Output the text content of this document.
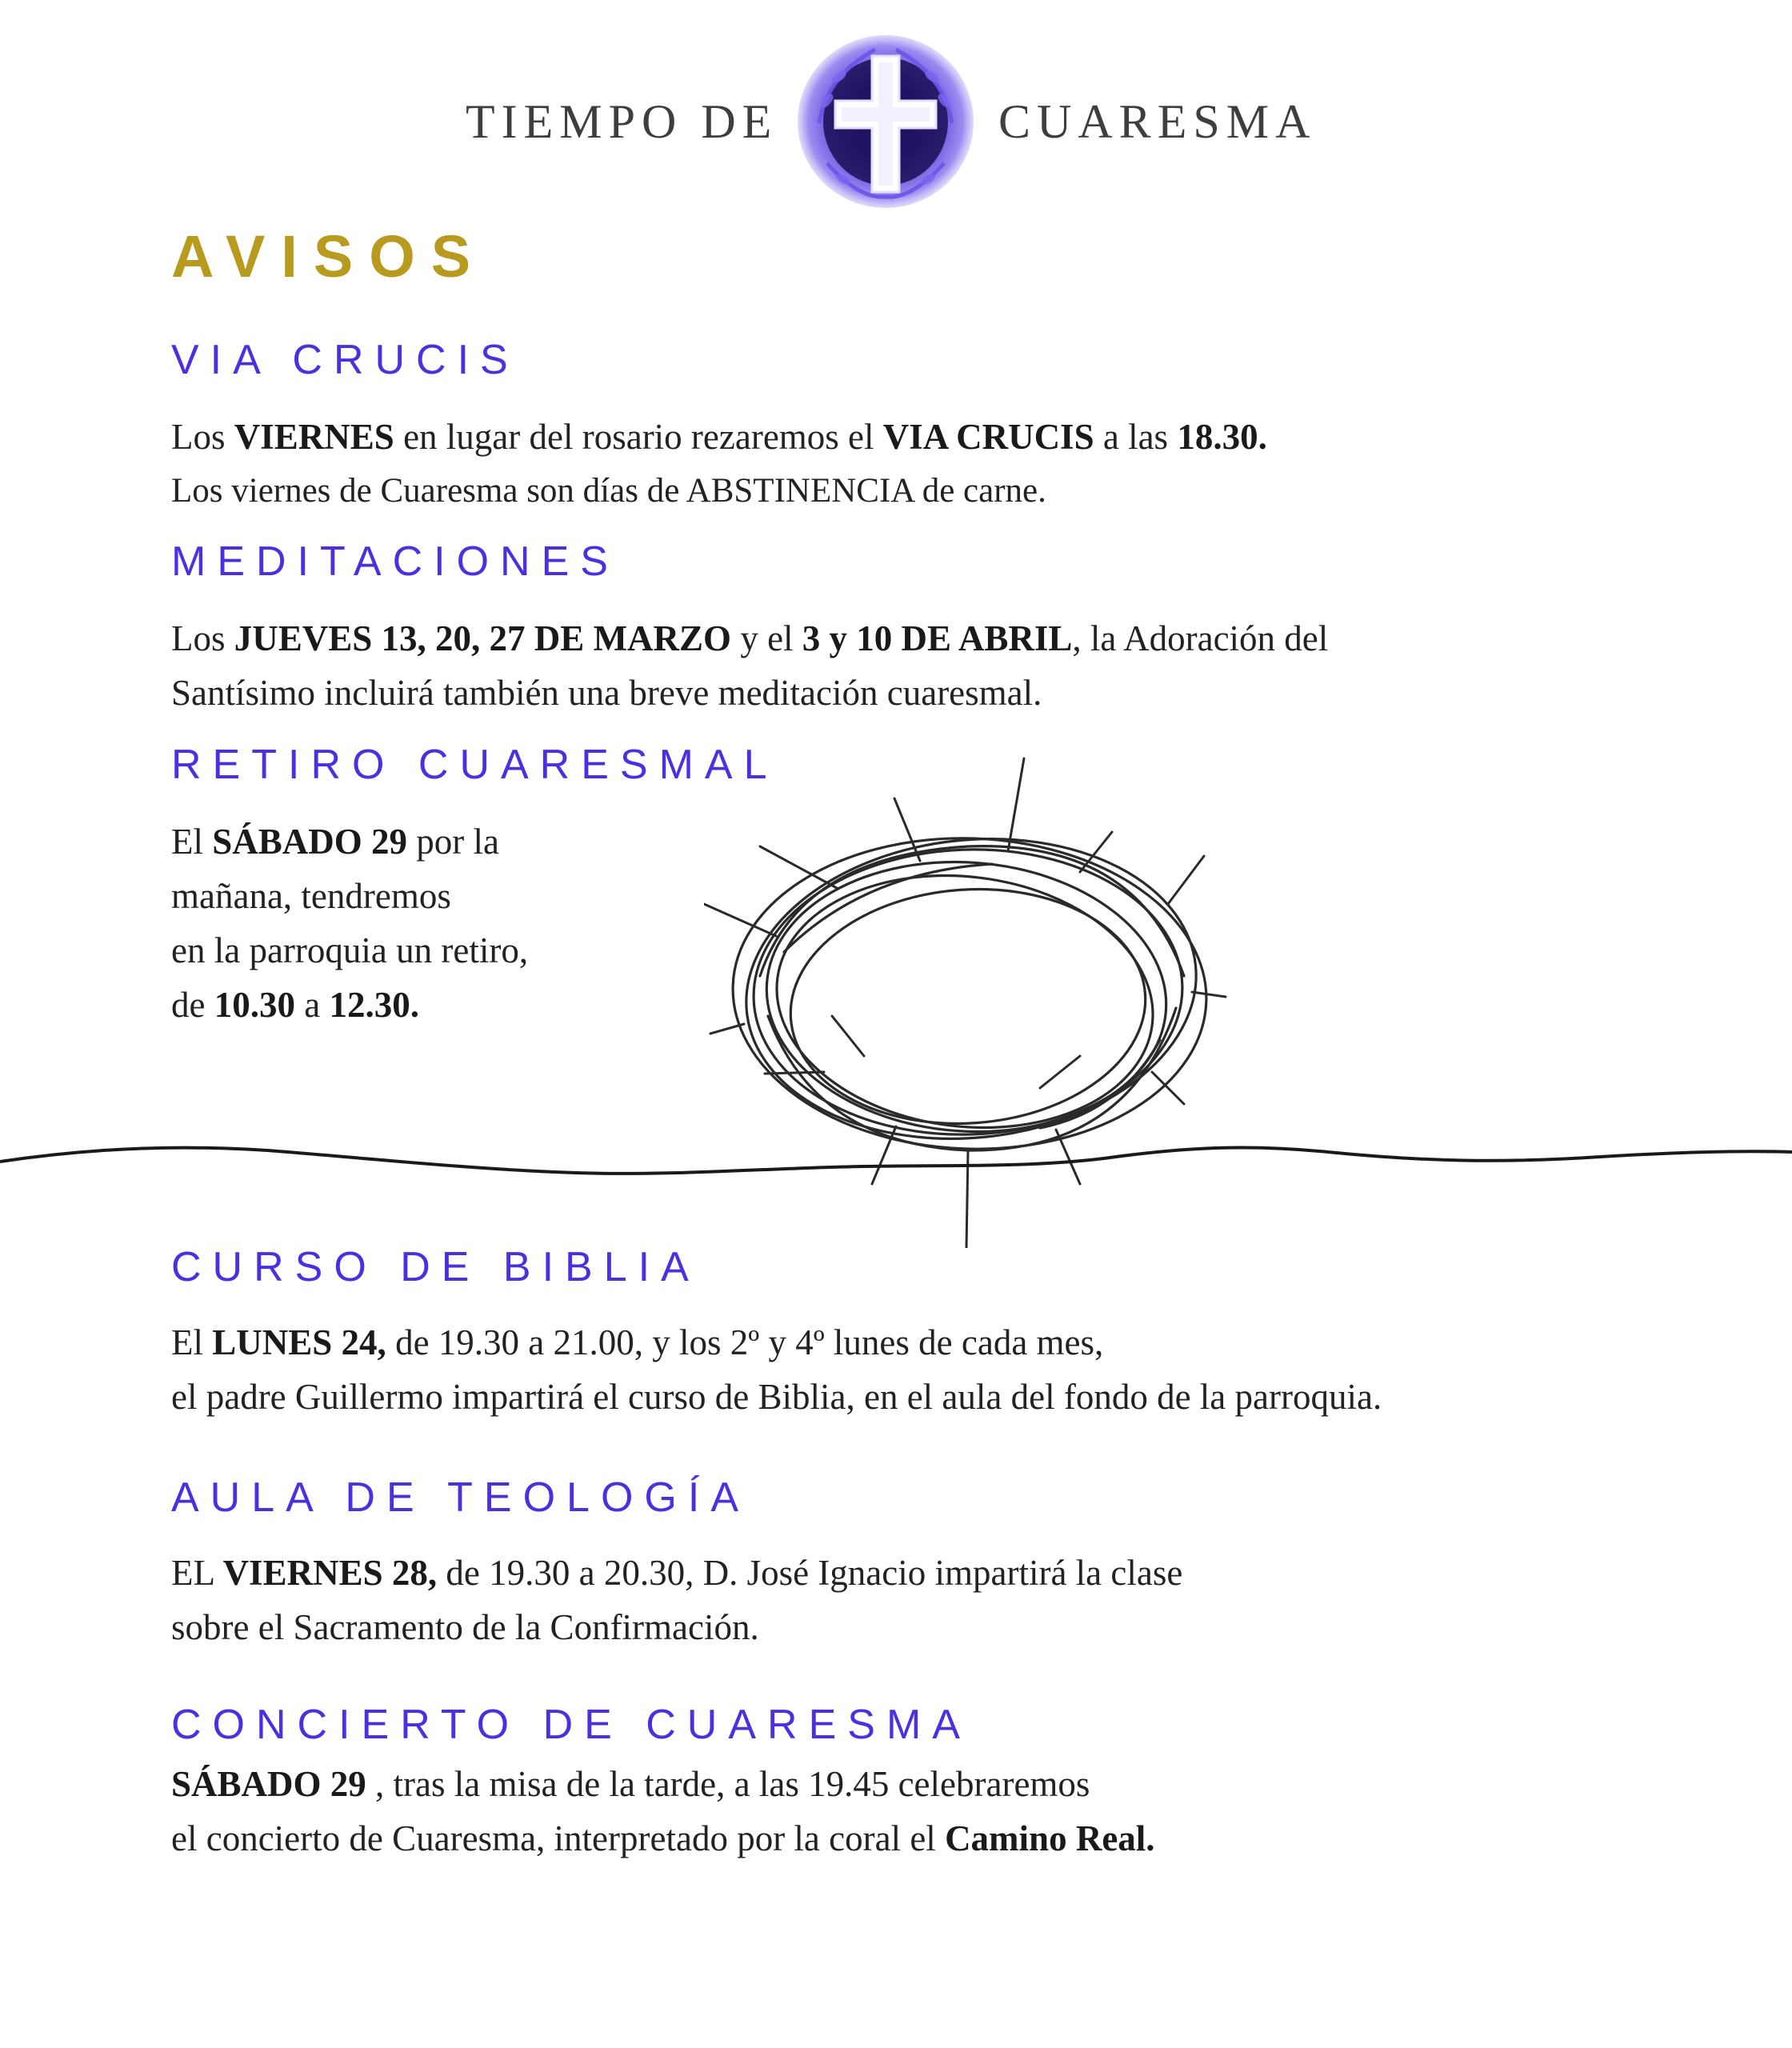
TIEMPO DE	CUARESMA
AVISOS
VIA CRUCIS
Los VIERNES en lugar del rosario rezaremos el VIA CRUCIS a las 18.30.
Los viernes de Cuaresma son días de ABSTINENCIA de carne.
MEDITACIONES
Los JUEVES 13, 20, 27 DE MARZO y el 3 y 10 DE ABRIL, la Adoración del
Santísimo incluirá también una breve meditación cuaresmal.
RETIRO CUARESMAL
El SÁBADO 29 por la
mañana, tendremos
en la parroquia un retiro,
de 10.30 a 12.30.
CURSO DE BIBLIA
El LUNES 24, de 19.30 a 21.00, y los 2º y 4º lunes de cada mes,
el padre Guillermo impartirá el curso de Biblia, en el aula del fondo de la parroquia.
AULA DE TEOLOGÍA
EL VIERNES 28, de 19.30 a 20.30, D. José Ignacio impartirá la clase
sobre el Sacramento de la Confirmación.
CONCIERTO DE CUARESMA
SÁBADO 29 , tras la misa de la tarde, a las 19.45 celebraremos
el concierto de Cuaresma, interpretado por la coral el Camino Real.
